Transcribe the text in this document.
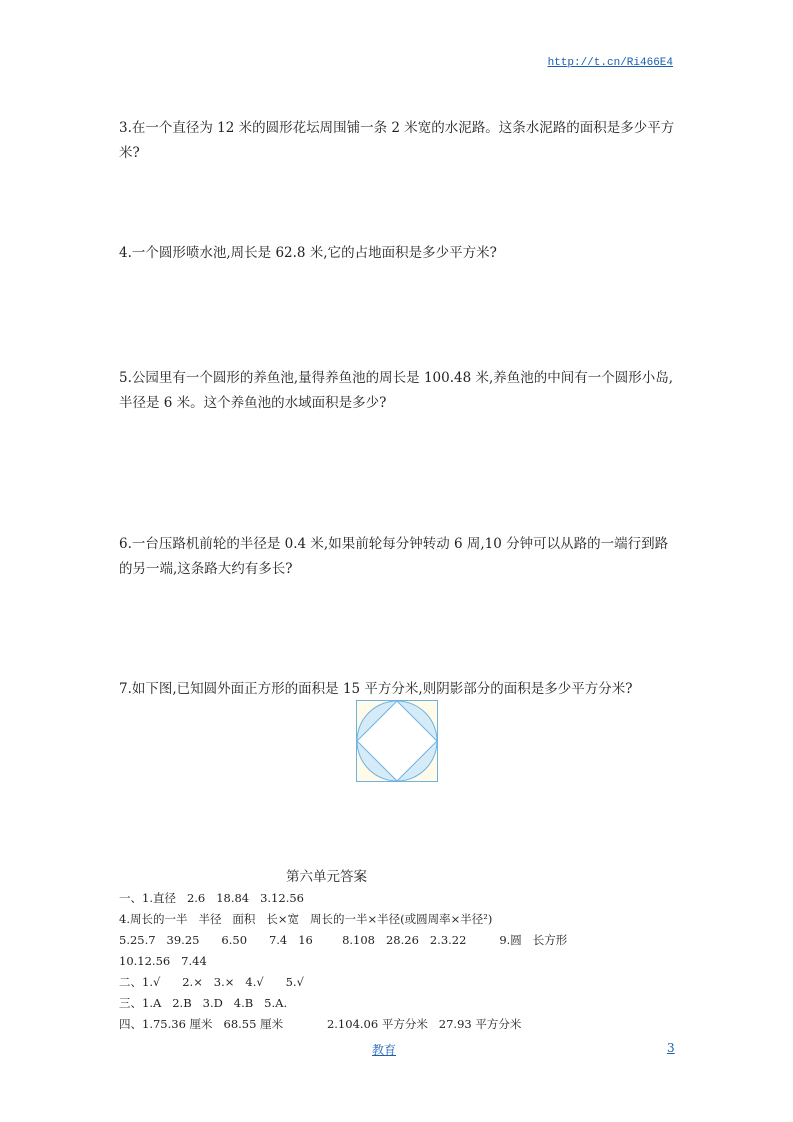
http://t.cn/Ri466E4
3.在一个直径为 12 米的圆形花坛周围铺一条 2 米宽的水泥路。这条水泥路的面积是多少平方米?
4.一个圆形喷水池,周长是 62.8 米,它的占地面积是多少平方米?
5.公园里有一个圆形的养鱼池,量得养鱼池的周长是 100.48 米,养鱼池的中间有一个圆形小岛,半径是 6 米。这个养鱼池的水域面积是多少?
6.一台压路机前轮的半径是 0.4 米,如果前轮每分钟转动 6 周,10 分钟可以从路的一端行到路的另一端,这条路大约有多长?
7.如下图,已知圆外面正方形的面积是 15 平方分米,则阴影部分的面积是多少平方分米?
第六单元答案
一、1.直径   2.6   18.84   3.12.56
4.周长的一半   半径   面积   长×宽   周长的一半×半径(或圆周率×半径²)
5.25.7   39.25      6.50      7.4   16        8.108   28.26   2.3.22         9.圆   长方形
10.12.56   7.44
二、1.√      2.×   3.×   4.√      5.√
三、1.A   2.B   3.D   4.B   5.A.
四、1.75.36 厘米   68.55 厘米            2.104.06 平方分米   27.93 平方分米
教育	3
